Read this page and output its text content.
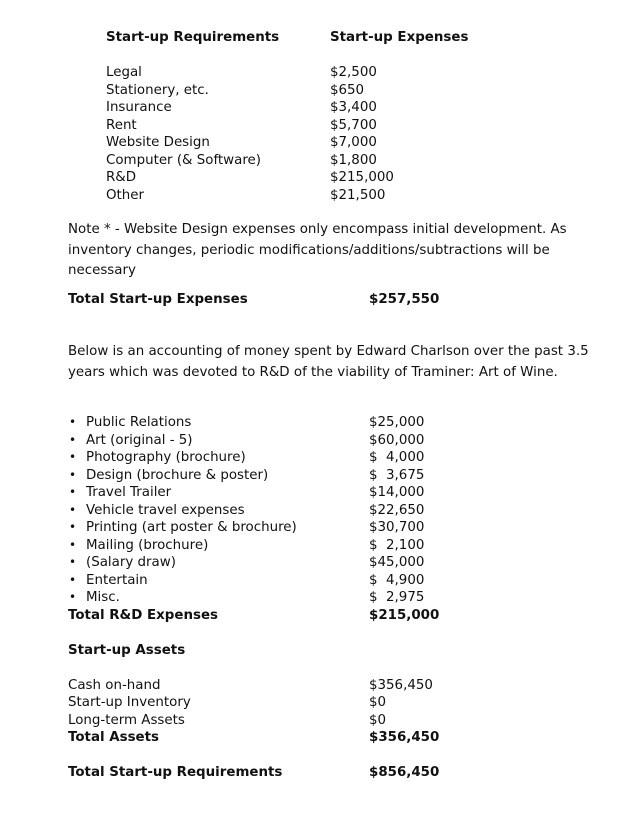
Start-up Requirements	Start-up Expenses
Legal	$2,500
Stationery, etc.	$650
Insurance	$3,400
Rent	$5,700
Website Design	$7,000
Computer (& Software)	$1,800
R&D	$215,000
Other	$21,500
Note * - Website Design expenses only encompass initial development. As inventory changes, periodic modifications/additions/subtractions will be necessary
Total Start-up Expenses	$257,550
Below is an accounting of money spent by Edward Charlson over the past 3.5 years which was devoted to R&D of the viability of Traminer: Art of Wine.
• Public Relations	$25,000
• Art (original - 5)	$60,000
• Photography (brochure)	$  4,000
• Design (brochure & poster)	$  3,675
• Travel Trailer	$14,000
• Vehicle travel expenses	$22,650
• Printing (art poster & brochure)	$30,700
• Mailing (brochure)	$  2,100
• (Salary draw)	$45,000
• Entertain	$  4,900
• Misc.	$  2,975
Total R&D Expenses	$215,000
Start-up Assets
Cash on-hand	$356,450
Start-up Inventory	$0
Long-term Assets	$0
Total Assets	$356,450
Total Start-up Requirements	$856,450
